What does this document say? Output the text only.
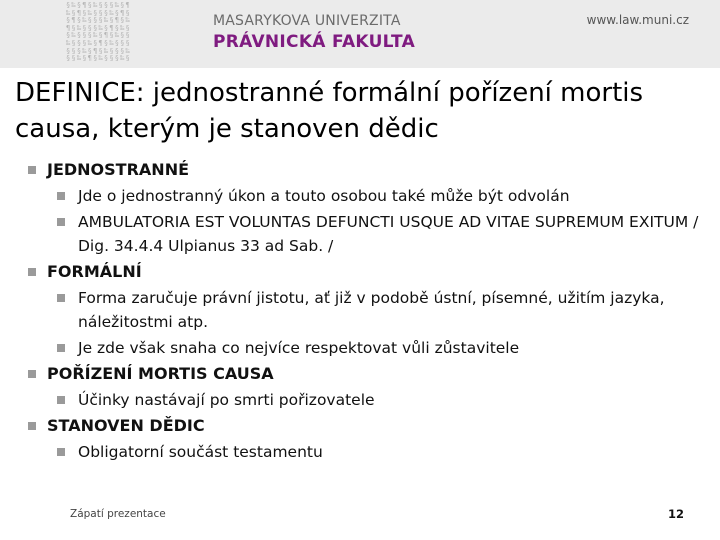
§‰§¶§‰§§§‰§¶
‰§¶§‰§§§‰§¶§
§¶§‰§§§‰§¶§‰
¶§‰§§§‰§¶§‰§
§‰§§§‰§¶§‰§§
‰§§§‰§¶§‰§§§
§§§‰§¶§‰§§§‰
§§‰§¶§‰§§§‰§
MASARYKOVA UNIVERZITA
PRÁVNICKÁ FAKULTA
www.law.muni.cz
DEFINICE: jednostranné formální pořízení mortis causa, kterým je stanoven dědic
JEDNOSTRANNÉ
Jde o jednostranný úkon a touto osobou také může být odvolán
AMBULATORIA EST VOLUNTAS DEFUNCTI USQUE AD VITAE SUPREMUM EXITUM / Dig. 34.4.4 Ulpianus 33 ad Sab. /
FORMÁLNÍ
Forma zaručuje právní jistotu, ať již v podobě ústní, písemné, užitím jazyka, náležitostmi atp.
Je zde však snaha co nejvíce respektovat vůli zůstavitele
POŘÍZENÍ MORTIS CAUSA
Účinky nastávají po smrti pořizovatele
STANOVEN DĚDIC
Obligatorní součást testamentu
Zápatí prezentace	12
